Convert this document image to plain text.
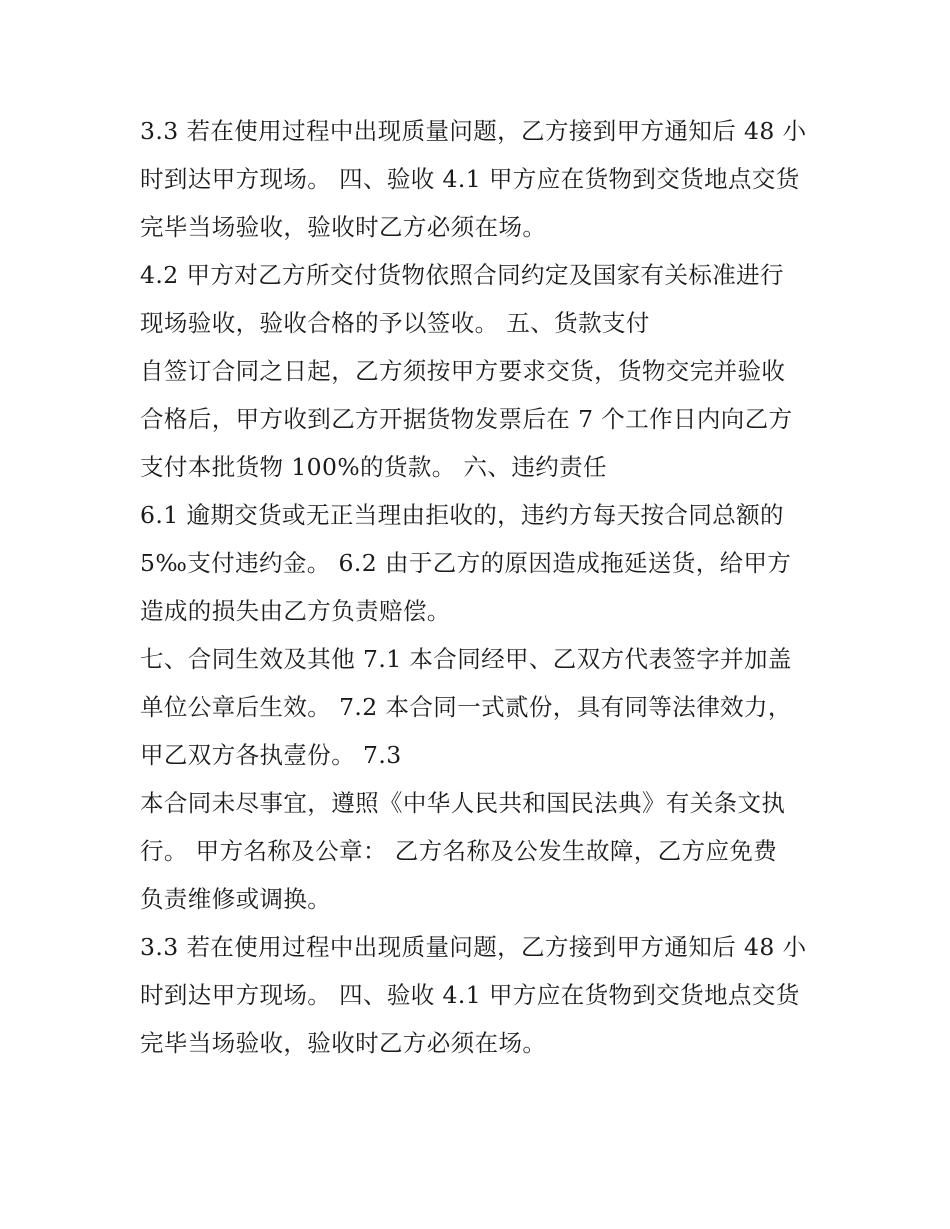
3.3 若在使用过程中出现质量问题，乙方接到甲方通知后 48 小
时到达甲方现场。 四、验收 4.1 甲方应在货物到交货地点交货
完毕当场验收，验收时乙方必须在场。
4.2 甲方对乙方所交付货物依照合同约定及国家有关标准进行
现场验收，验收合格的予以签收。 五、货款支付
自签订合同之日起，乙方须按甲方要求交货，货物交完并验收
合格后，甲方收到乙方开据货物发票后在 7 个工作日内向乙方
支付本批货物 100%的货款。 六、违约责任
6.1 逾期交货或无正当理由拒收的，违约方每天按合同总额的
5‰支付违约金。 6.2 由于乙方的原因造成拖延送货，给甲方
造成的损失由乙方负责赔偿。
七、合同生效及其他 7.1 本合同经甲、乙双方代表签字并加盖
单位公章后生效。 7.2 本合同一式贰份，具有同等法律效力，
甲乙双方各执壹份。 7.3
本合同未尽事宜，遵照《中华人民共和国民法典》有关条文执
行。 甲方名称及公章： 乙方名称及公发生故障，乙方应免费
负责维修或调换。
3.3 若在使用过程中出现质量问题，乙方接到甲方通知后 48 小
时到达甲方现场。 四、验收 4.1 甲方应在货物到交货地点交货
完毕当场验收，验收时乙方必须在场。
